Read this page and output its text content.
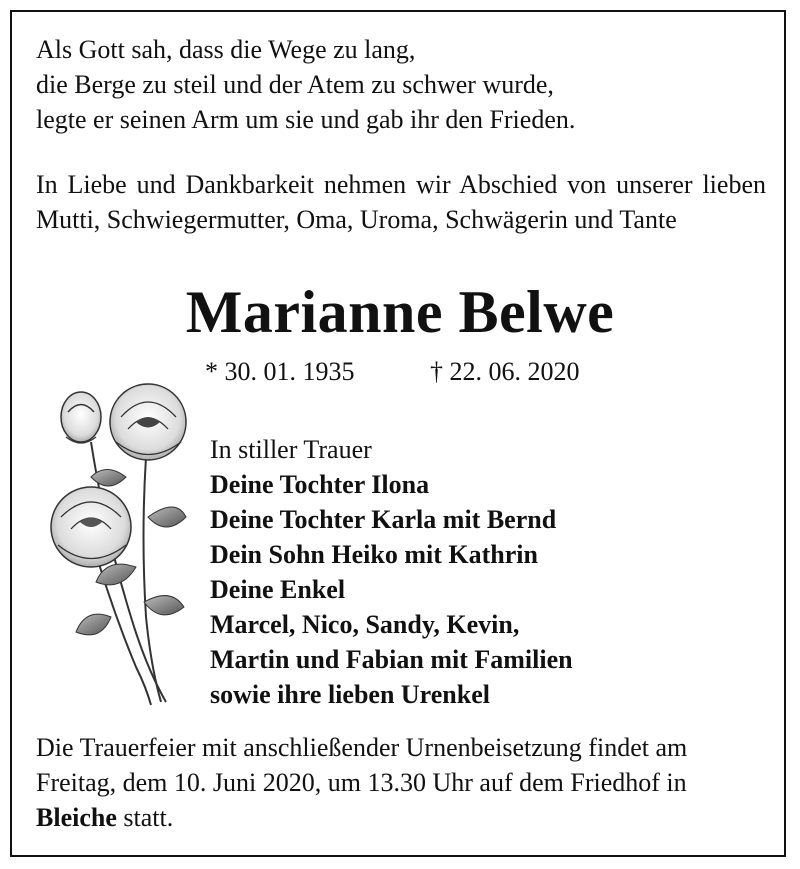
Als Gott sah, dass die Wege zu lang,
die Berge zu steil und der Atem zu schwer wurde,
legte er seinen Arm um sie und gab ihr den Frieden.
In Liebe und Dankbarkeit nehmen wir Abschied von unserer lieben Mutti, Schwiegermutter, Oma, Uroma, Schwägerin und Tante
Marianne Belwe
* 30. 01. 1935	† 22. 06. 2020
In stiller Trauer
Deine Tochter Ilona
Deine Tochter Karla mit Bernd
Dein Sohn Heiko mit Kathrin
Deine Enkel
Marcel, Nico, Sandy, Kevin,
Martin und Fabian mit Familien
sowie ihre lieben Urenkel
Die Trauerfeier mit anschließender Urnenbeisetzung findet am
Freitag, dem 10. Juni 2020, um 13.30 Uhr auf dem Friedhof in
Bleiche statt.
